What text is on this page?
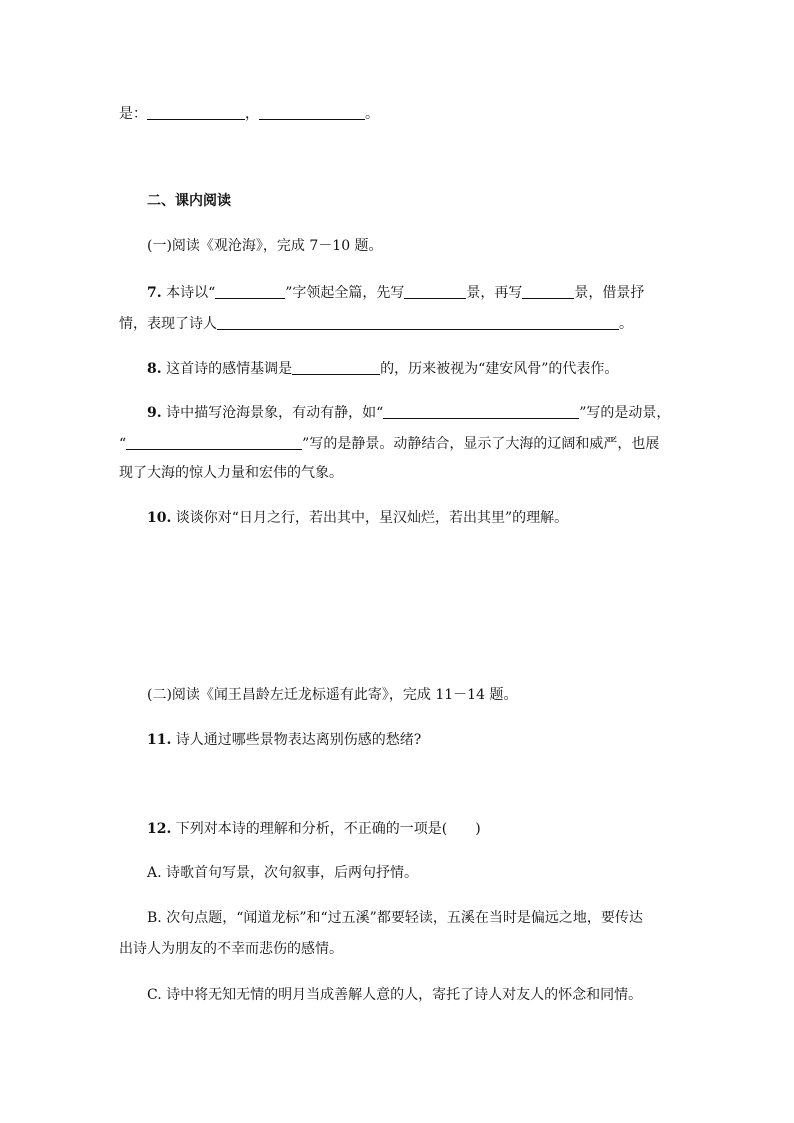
是：	，	。
二、课内阅读
(一)阅读《观沧海》，完成 7－10 题。
7. 本诗以“	”字领起全篇，先写	景，再写	景，借景抒
情，表现了诗人	。
8. 这首诗的感情基调是	的，历来被视为“建安风骨”的代表作。
9. 诗中描写沧海景象，有动有静，如“	”写的是动景，
“	”写的是静景。动静结合，显示了大海的辽阔和威严，也展
现了大海的惊人力量和宏伟的气象。
10. 谈谈你对“日月之行，若出其中，星汉灿烂，若出其里”的理解。
(二)阅读《闻王昌龄左迁龙标遥有此寄》，完成 11－14 题。
11. 诗人通过哪些景物表达离别伤感的愁绪?
12. 下列对本诗的理解和分析，不正确的一项是(　　)
A. 诗歌首句写景，次句叙事，后两句抒情。
B. 次句点题，“闻道龙标”和“过五溪”都要轻读，五溪在当时是偏远之地，要传达
出诗人为朋友的不幸而悲伤的感情。
C. 诗中将无知无情的明月当成善解人意的人，寄托了诗人对友人的怀念和同情。
